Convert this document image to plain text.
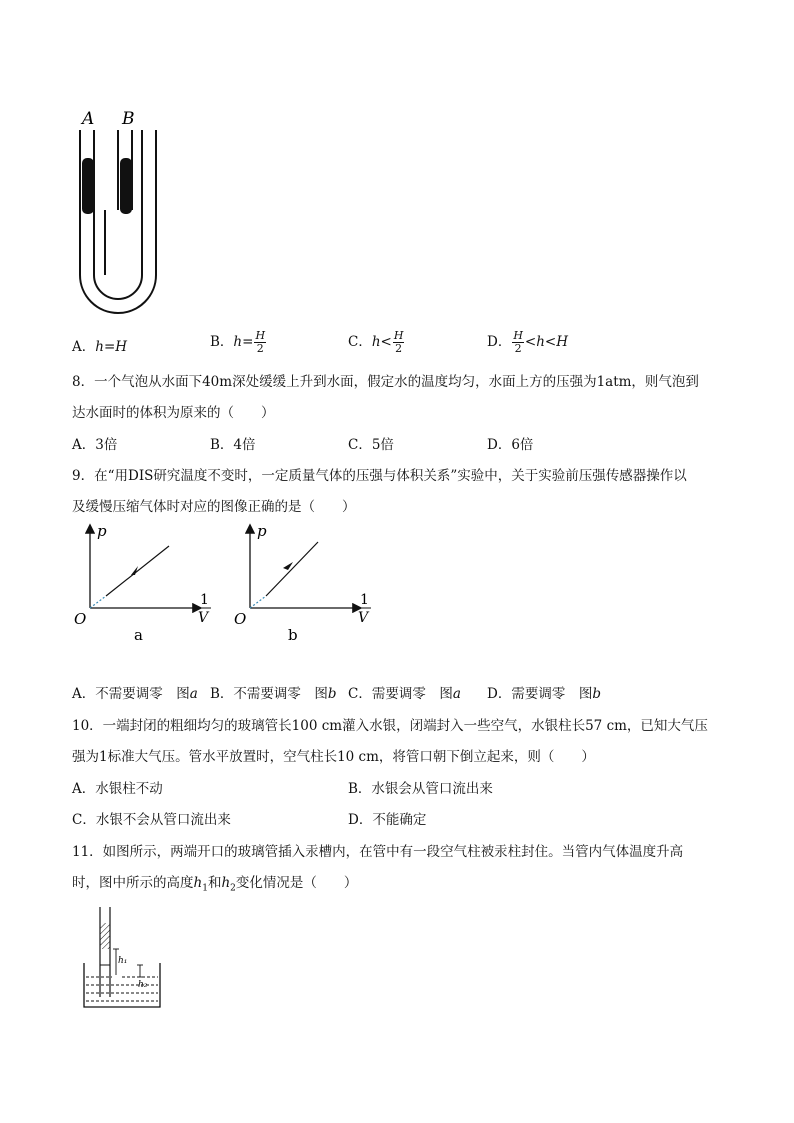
A B
A．h=H	B．$h= \frac{H}{2}$	C．$h< \frac{H}{2}$	D． $\frac{H}{2} <h<H$
8．一个气泡从水面下40m深处缓缓上升到水面，假定水的温度均匀，水面上方的压强为1atm，则气泡到
达水面时的体积为原来的（　　）
A．3倍	B．4倍	C．5倍	D．6倍
9．在“用DIS研究温度不变时，一定质量气体的压强与体积关系”实验中，关于实验前压强传感器操作以
及缓慢压缩气体时对应的图像正确的是（　　）
p
O
1
V
a
p
O
1
V
b
A．不需要调零　图a B．不需要调零　图b C．需要调零　图a D．需要调零　图b
10．一端封闭的粗细均匀的玻璃管长100 cm灌入水银，闭端封入一些空气，水银柱长57 cm，已知大气压
强为1标准大气压。管水平放置时，空气柱长10 cm，将管口朝下倒立起来，则（　　）
A．水银柱不动	B．水银会从管口流出来
C．水银不会从管口流出来	D．不能确定
11．如图所示，两端开口的玻璃管插入汞槽内，在管中有一段空气柱被汞柱封住。当管内气体温度升高
时，图中所示的高度$h_1$和$h_2$变化情况是（　　）
h₁
h₂
